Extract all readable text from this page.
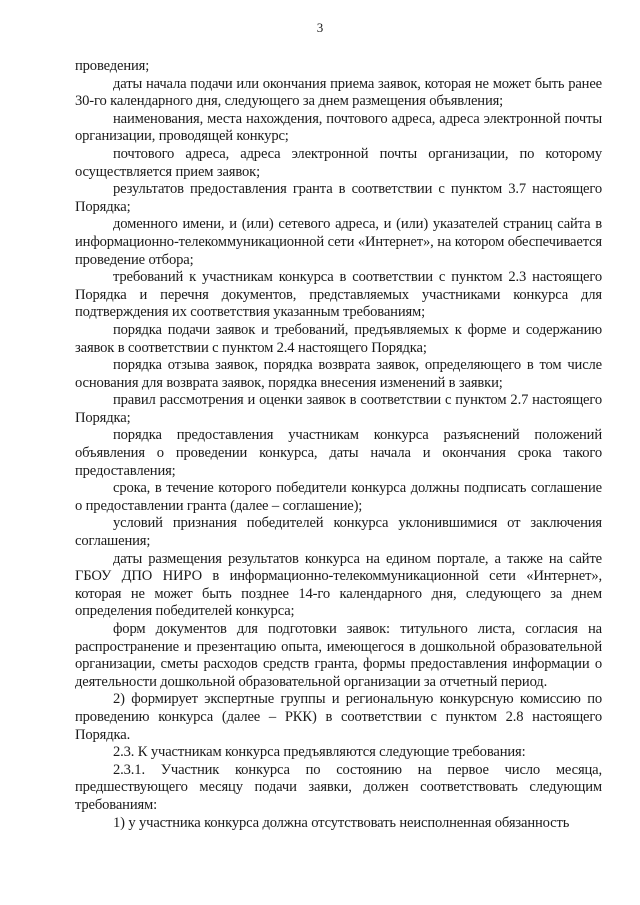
3

проведения;

даты начала подачи или окончания приема заявок, которая не может быть ранее 30-го календарного дня, следующего за днем размещения объявления;

наименования, места нахождения, почтового адреса, адреса электронной почты организации, проводящей конкурс;

почтового адреса, адреса электронной почты организации, по которому осуществляется прием заявок;

результатов предоставления гранта в соответствии с пунктом 3.7 настоящего Порядка;

доменного имени, и (или) сетевого адреса, и (или) указателей страниц сайта в информационно-телекоммуникационной сети «Интернет», на котором обеспечивается проведение отбора;

требований к участникам конкурса в соответствии с пунктом 2.3 настоящего Порядка и перечня документов, представляемых участниками конкурса для подтверждения их соответствия указанным требованиям;

порядка подачи заявок и требований, предъявляемых к форме и содержанию заявок в соответствии с пунктом 2.4 настоящего Порядка;

порядка отзыва заявок, порядка возврата заявок, определяющего в том числе основания для возврата заявок, порядка внесения изменений в заявки;

правил рассмотрения и оценки заявок в соответствии с пунктом 2.7 настоящего Порядка;

порядка предоставления участникам конкурса разъяснений положений объявления о проведении конкурса, даты начала и окончания срока такого предоставления;

срока, в течение которого победители конкурса должны подписать соглашение о предоставлении гранта (далее – соглашение);

условий признания победителей конкурса уклонившимися от заключения соглашения;

даты размещения результатов конкурса на едином портале, а также на сайте ГБОУ ДПО НИРО в информационно-телекоммуникационной сети «Интернет», которая не может быть позднее 14-го календарного дня, следующего за днем определения победителей конкурса;

форм документов для подготовки заявок: титульного листа, согласия на распространение и презентацию опыта, имеющегося в дошкольной образовательной организации, сметы расходов средств гранта, формы предоставления информации о деятельности дошкольной образовательной организации за отчетный период.

2) формирует экспертные группы и региональную конкурсную комиссию по проведению конкурса (далее – РКК) в соответствии с пунктом 2.8 настоящего Порядка.

2.3. К участникам конкурса предъявляются следующие требования:

2.3.1. Участник конкурса по состоянию на первое число месяца, предшествующего месяцу подачи заявки, должен соответствовать следующим требованиям:

1) у участника конкурса должна отсутствовать неисполненная обязанность
